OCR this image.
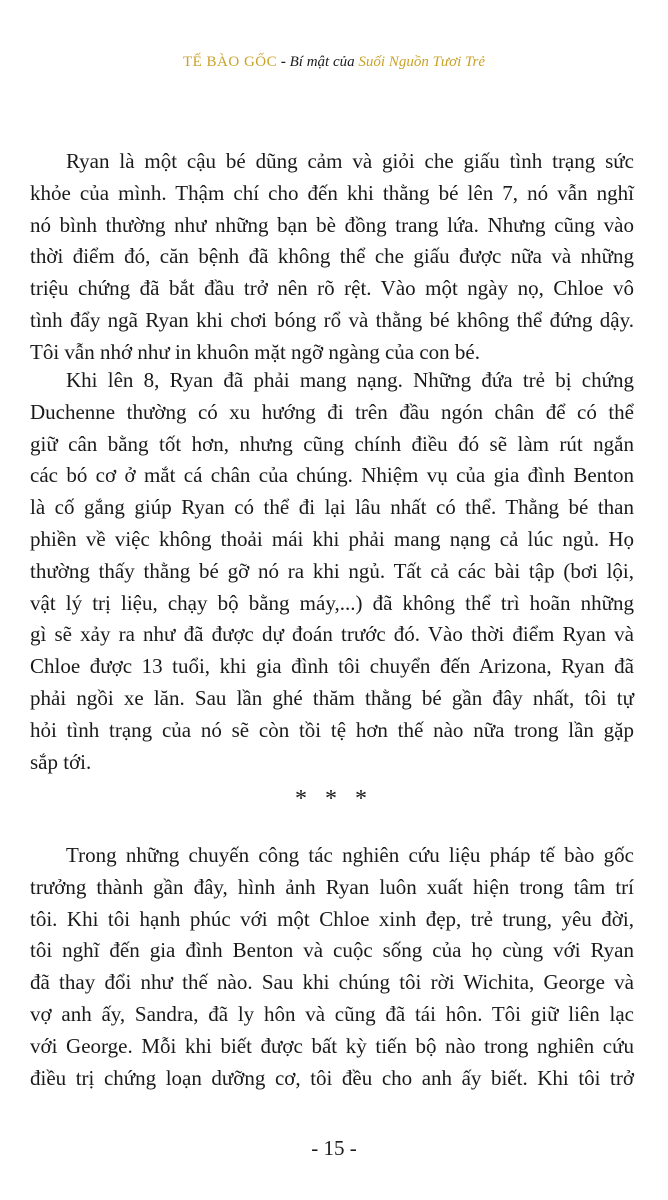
TẾ BÀO GỐC - Bí mật của Suối Nguồn Tươi Trẻ
Ryan là một cậu bé dũng cảm và giỏi che giấu tình trạng sức
khỏe của mình. Thậm chí cho đến khi thằng bé lên 7, nó vẫn nghĩ
nó bình thường như những bạn bè đồng trang lứa. Nhưng cũng vào
thời điểm đó, căn bệnh đã không thể che giấu được nữa và những
triệu chứng đã bắt đầu trở nên rõ rệt. Vào một ngày nọ, Chloe vô
tình đẩy ngã Ryan khi chơi bóng rổ và thằng bé không thể đứng dậy.
Tôi vẫn nhớ như in khuôn mặt ngỡ ngàng của con bé.
Khi lên 8, Ryan đã phải mang nạng. Những đứa trẻ bị chứng
Duchenne thường có xu hướng đi trên đầu ngón chân để có thể
giữ cân bằng tốt hơn, nhưng cũng chính điều đó sẽ làm rút ngắn
các bó cơ ở mắt cá chân của chúng. Nhiệm vụ của gia đình Benton
là cố gắng giúp Ryan có thể đi lại lâu nhất có thể. Thằng bé than
phiền về việc không thoải mái khi phải mang nạng cả lúc ngủ. Họ
thường thấy thằng bé gỡ nó ra khi ngủ. Tất cả các bài tập (bơi lội,
vật lý trị liệu, chạy bộ bằng máy,...) đã không thể trì hoãn những
gì sẽ xảy ra như đã được dự đoán trước đó. Vào thời điểm Ryan và
Chloe được 13 tuổi, khi gia đình tôi chuyển đến Arizona, Ryan đã
phải ngồi xe lăn. Sau lần ghé thăm thằng bé gần đây nhất, tôi tự
hỏi tình trạng của nó sẽ còn tồi tệ hơn thế nào nữa trong lần gặp
sắp tới.
* * *
Trong những chuyến công tác nghiên cứu liệu pháp tế bào gốc
trưởng thành gần đây, hình ảnh Ryan luôn xuất hiện trong tâm trí
tôi. Khi tôi hạnh phúc với một Chloe xinh đẹp, trẻ trung, yêu đời,
tôi nghĩ đến gia đình Benton và cuộc sống của họ cùng với Ryan
đã thay đổi như thế nào. Sau khi chúng tôi rời Wichita, George và
vợ anh ấy, Sandra, đã ly hôn và cũng đã tái hôn. Tôi giữ liên lạc
với George. Mỗi khi biết được bất kỳ tiến bộ nào trong nghiên cứu
điều trị chứng loạn dưỡng cơ, tôi đều cho anh ấy biết. Khi tôi trở
- 15 -
